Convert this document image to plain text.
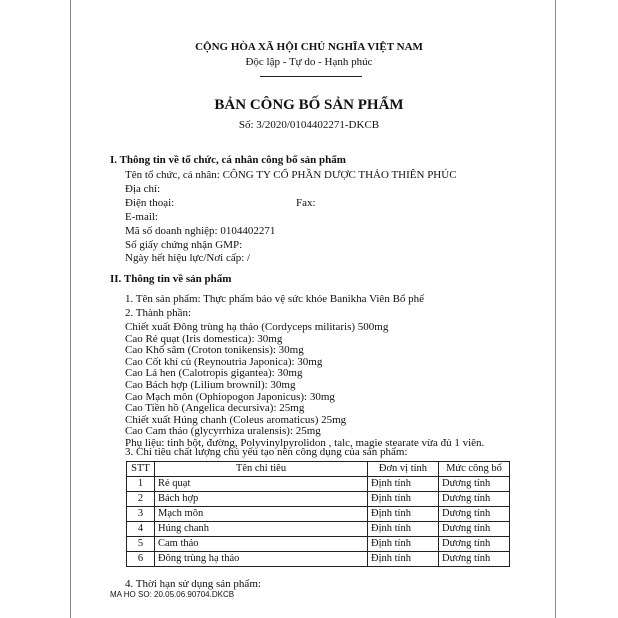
CỘNG HÒA XÃ HỘI CHỦ NGHĨA VIỆT NAM
Độc lập - Tự do - Hạnh phúc
BẢN CÔNG BỐ SẢN PHẨM
Số: 3/2020/0104402271-DKCB
I. Thông tin về tổ chức, cá nhân công bố sản phẩm
Tên tổ chức, cá nhân: CÔNG TY CỔ PHẦN DƯỢC THẢO THIÊN PHÚC
Địa chỉ:
Điện thoại:	Fax:
E-mail:
Mã số doanh nghiệp: 0104402271
Số giấy chứng nhận GMP:
Ngày hết hiệu lực/Nơi cấp: /
II. Thông tin về sản phẩm
1. Tên sản phẩm: Thực phẩm bảo vệ sức khỏe Banikha Viên Bổ phế
2. Thành phần:
Chiết xuất Đông trùng hạ thảo (Cordyceps militaris) 500mg
Cao Rẻ quạt (Iris domestica): 30mg
Cao Khổ sâm (Croton tonikensis): 30mg
Cao Cốt khí củ (Reynoutria Japonica): 30mg
Cao Lá hen (Calotropis gigantea): 30mg
Cao Bách hợp (Lilium brownil): 30mg
Cao Mạch môn (Ophiopogon Japonicus): 30mg
Cao Tiền hồ (Angelica decursiva): 25mg
Chiết xuất Húng chanh (Coleus aromaticus) 25mg
Cao Cam thảo (glycyrrhiza uralensis): 25mg
Phụ liệu: tinh bột, đường, Polyvinylpyrolidon , talc, magie stearate vừa đủ 1 viên.
3. Chỉ tiêu chất lượng chủ yếu tạo nên công dụng của sản phẩm:
STT	Tên chỉ tiêu	Đơn vị tính	Mức công bố
1	Rẻ quạt	Định tính	Dương tính
2	Bách hợp	Định tính	Dương tính
3	Mạch môn	Định tính	Dương tính
4	Húng chanh	Định tính	Dương tính
5	Cam thảo	Định tính	Dương tính
6	Đông trùng hạ thảo	Định tính	Dương tính
4. Thời hạn sử dụng sản phẩm:
MA HO SO: 20.05.06.90704.DKCB
